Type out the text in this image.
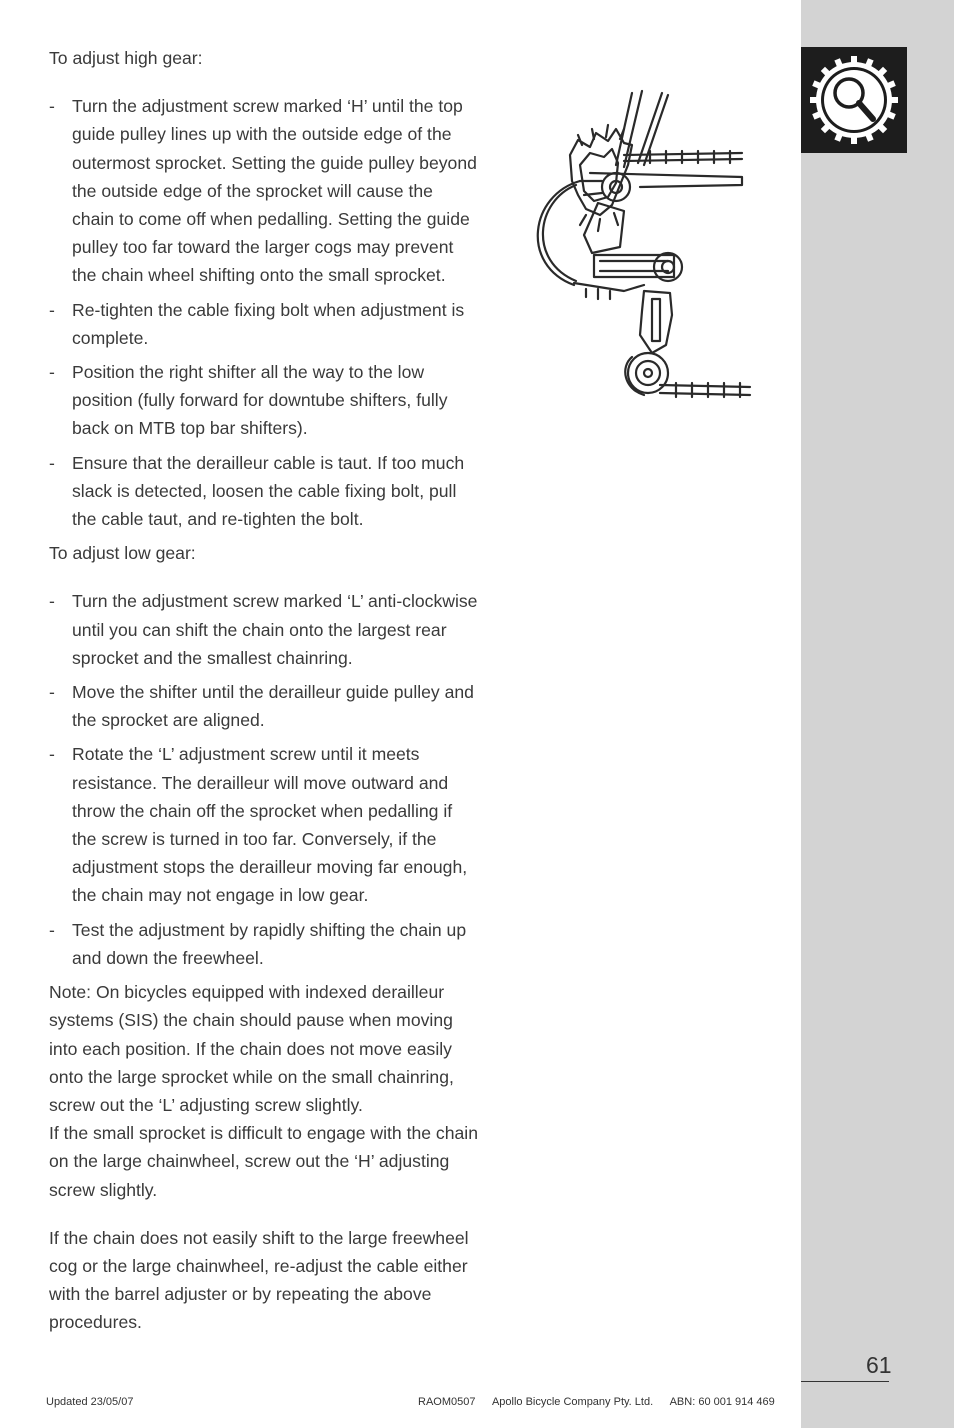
To adjust high gear:

- Turn the adjustment screw marked ‘H’ until the top guide pulley lines up with the outside edge of the outermost sprocket. Setting the guide pulley beyond the outside edge of the sprocket will cause the chain to come off when pedalling. Setting the guide pulley too far toward the larger cogs may prevent the chain wheel shifting onto the small sprocket.
- Re-tighten the cable fixing bolt when adjustment is complete.
- Position the right shifter all the way to the low position (fully forward for downtube shifters, fully back on MTB top bar shifters).
- Ensure that the derailleur cable is taut. If too much slack is detected, loosen the cable fixing bolt, pull the cable taut, and re-tighten the bolt.

To adjust low gear:

- Turn the adjustment screw marked ‘L’ anti-clockwise until you can shift the chain onto the largest rear sprocket and the smallest chainring.
- Move the shifter until the derailleur guide pulley and the sprocket are aligned.
- Rotate the ‘L’ adjustment screw until it meets resistance. The derailleur will move outward and throw the chain off the sprocket when pedalling if the screw is turned in too far. Conversely, if the adjustment stops the derailleur moving far enough, the chain may not engage in low gear.
- Test the adjustment by rapidly shifting the chain up and down the freewheel.

Note: On bicycles equipped with indexed derailleur systems (SIS) the chain should pause when moving into each position. If the chain does not move easily onto the large sprocket while on the small chainring, screw out the ‘L’ adjusting screw slightly.

If the small sprocket is difficult to engage with the chain on the large chainwheel, screw out the ‘H’ adjusting screw slightly.

If the chain does not easily shift to the large freewheel cog or the large chainwheel, re-adjust the cable either with the barrel adjuster or by repeating the above procedures.

61
Updated 23/05/07	RAOM0507 Apollo Bicycle Company Pty. Ltd. ABN: 60 001 914 469
